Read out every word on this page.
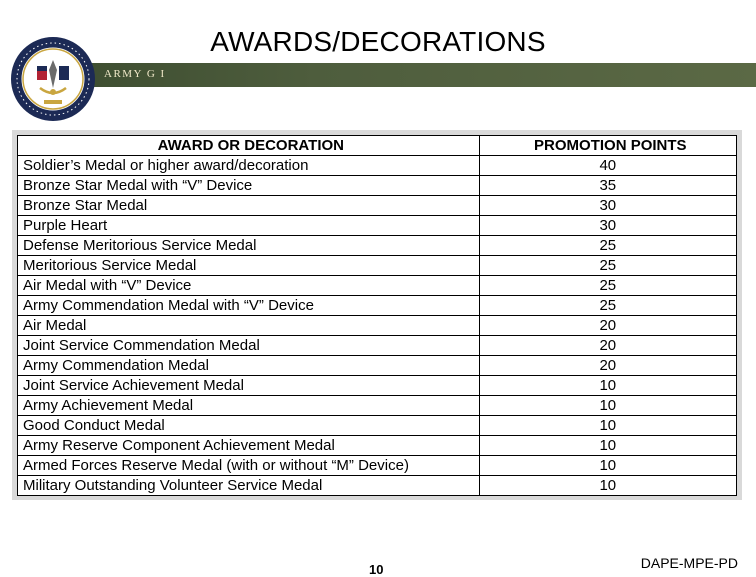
AWARDS/DECORATIONS
ARMY G I
AWARD OR DECORATION	PROMOTION POINTS
Soldier’s Medal or higher award/decoration	40
Bronze Star Medal with “V” Device	35
Bronze Star Medal	30
Purple Heart	30
Defense Meritorious Service Medal	25
Meritorious Service Medal	25
Air Medal with “V” Device	25
Army Commendation Medal with “V” Device	25
Air Medal	20
Joint Service Commendation Medal	20
Army Commendation Medal	20
Joint Service Achievement Medal	10
Army Achievement Medal	10
Good Conduct Medal	10
Army Reserve Component Achievement Medal	10
Armed Forces Reserve Medal (with or without “M” Device)	10
Military Outstanding Volunteer Service Medal	10
10	DAPE-MPE-PD
